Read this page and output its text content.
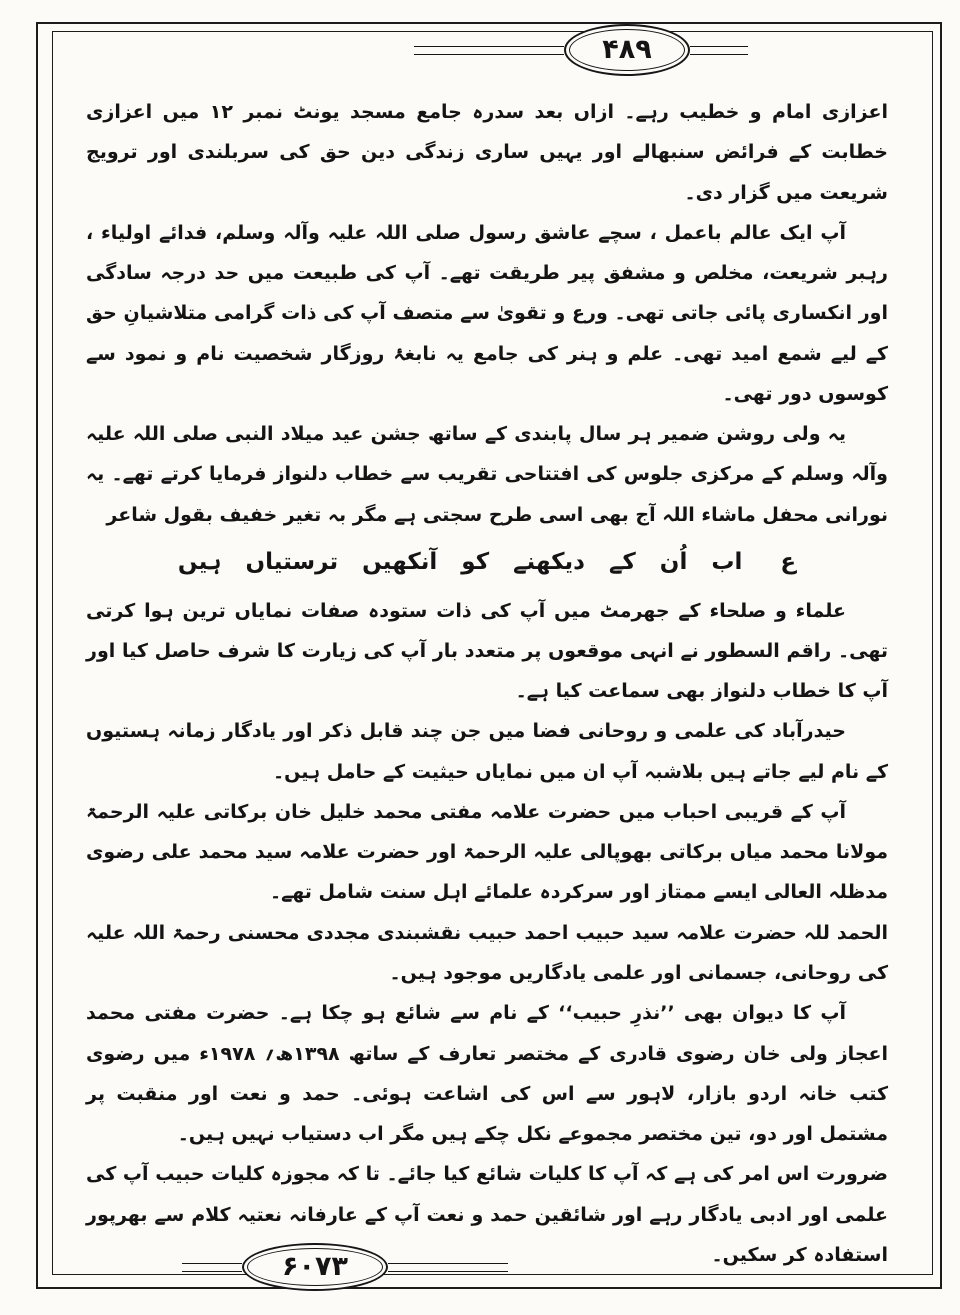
۴۸۹

اعزازی امام و خطیب رہے۔ ازاں بعد سدرہ جامع مسجد یونٹ نمبر ۱۲ میں اعزازی خطابت کے فرائض سنبھالے اور یہیں ساری زندگی دین حق کی سربلندی اور ترویج شریعت میں گزار دی۔

آپ ایک عالم باعمل ، سچے عاشق رسول صلی اللہ علیہ وآلہ وسلم، فدائے اولیاء ، رہبر شریعت، مخلص و مشفق پیر طریقت تھے۔ آپ کی طبیعت میں حد درجہ سادگی اور انکساری پائی جاتی تھی۔ ورع و تقویٰ سے متصف آپ کی ذات گرامی متلاشیانِ حق کے لیے شمع امید تھی۔ علم و ہنر کی جامع یہ نابغۂ روزگار شخصیت نام و نمود سے کوسوں دور تھی۔

یہ ولی روشن ضمیر ہر سال پابندی کے ساتھ جشن عید میلاد النبی صلی اللہ علیہ وآلہ وسلم کے مرکزی جلوس کی افتتاحی تقریب سے خطاب دلنواز فرمایا کرتے تھے۔ یہ نورانی محفل ماشاء اللہ آج بھی اسی طرح سجتی ہے مگر بہ تغیر خفیف بقول شاعر

ع اب اُن کے دیکھنے کو آنکھیں ترستیاں ہیں

علماء و صلحاء کے جھرمٹ میں آپ کی ذات ستودہ صفات نمایاں ترین ہوا کرتی تھی۔ راقم السطور نے انہی موقعوں پر متعدد بار آپ کی زیارت کا شرف حاصل کیا اور آپ کا خطاب دلنواز بھی سماعت کیا ہے۔

حیدرآباد کی علمی و روحانی فضا میں جن چند قابل ذکر اور یادگار زمانہ ہستیوں کے نام لیے جاتے ہیں بلاشبہ آپ ان میں نمایاں حیثیت کے حامل ہیں۔

آپ کے قریبی احباب میں حضرت علامہ مفتی محمد خلیل خان برکاتی علیہ الرحمۃ مولانا محمد میاں برکاتی بھوپالی علیہ الرحمۃ اور حضرت علامہ سید محمد علی رضوی مدظلہ العالی ایسے ممتاز اور سرکردہ علمائے اہل سنت شامل تھے۔

الحمد للہ حضرت علامہ سید حبیب احمد حبیب نقشبندی مجددی محسنی رحمۃ اللہ علیہ کی روحانی، جسمانی اور علمی یادگاریں موجود ہیں۔

آپ کا دیوان بھی ’’نذرِ حبیب‘‘ کے نام سے شائع ہو چکا ہے۔ حضرت مفتی محمد اعجاز ولی خان رضوی قادری کے مختصر تعارف کے ساتھ ۱۳۹۸ھ؍ ۱۹۷۸ء میں رضوی کتب خانہ اردو بازار، لاہور سے اس کی اشاعت ہوئی۔ حمد و نعت اور منقبت پر مشتمل اور دو، تین مختصر مجموعے نکل چکے ہیں مگر اب دستیاب نہیں ہیں۔

ضرورت اس امر کی ہے کہ آپ کا کلیات شائع کیا جائے۔ تا کہ مجوزہ کلیات حبیب آپ کی علمی اور ادبی یادگار رہے اور شائقین حمد و نعت آپ کے عارفانہ نعتیہ کلام سے بھرپور استفادہ کر سکیں۔

۶۰۷۳
